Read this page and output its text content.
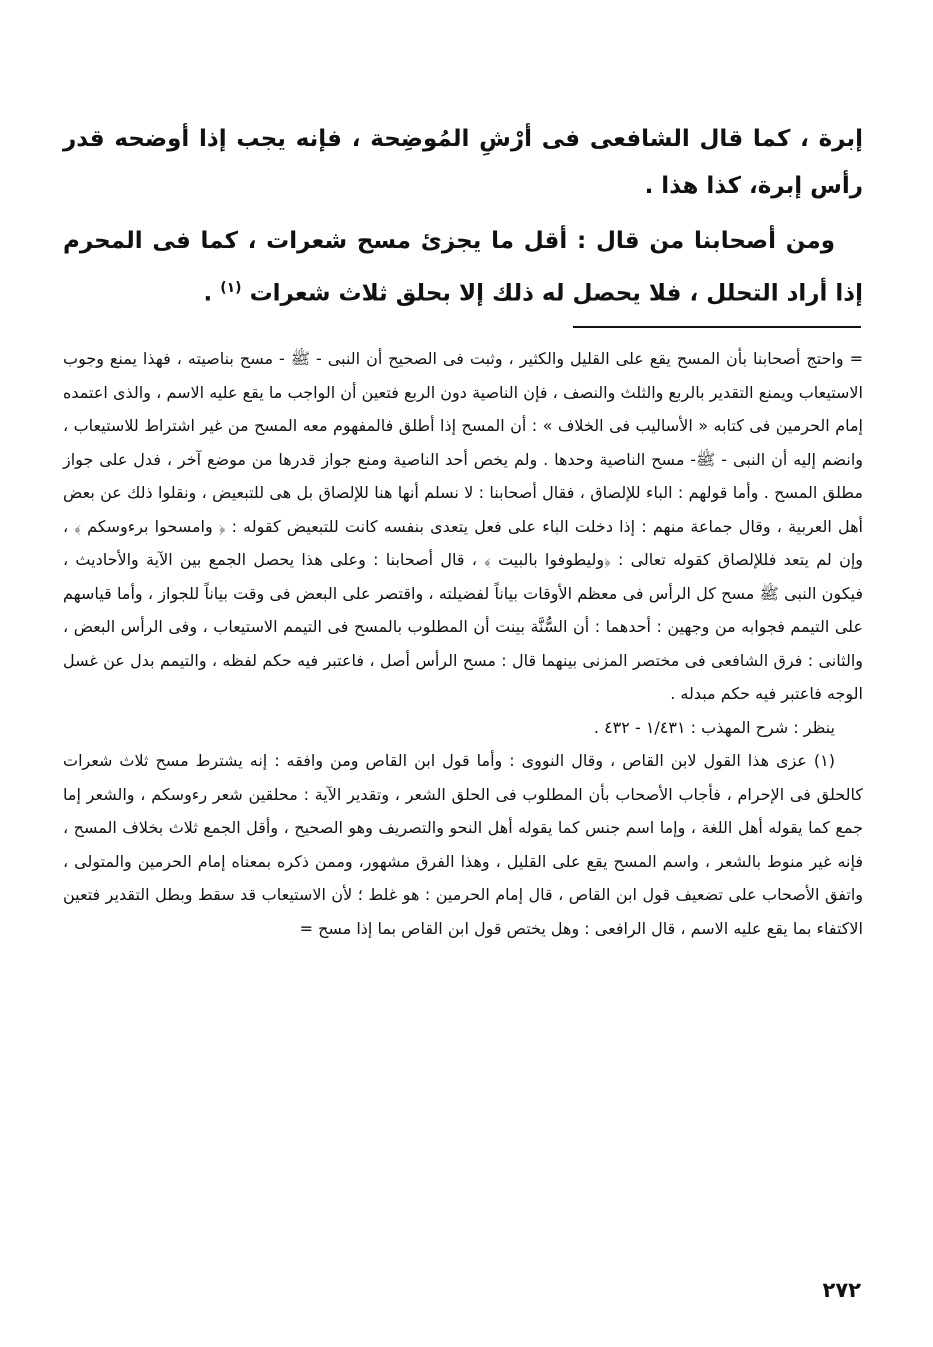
إبرة ، كما قال الشافعى فى أرْشِ المُوضِحة ، فإنه يجب إذا أوضحه قدر رأس إبرة، كذا هذا .

ومن أصحابنا من قال : أقل ما يجزئ مسح شعرات ، كما فى المحرم إذا أراد التحلل ، فلا يحصل له ذلك إلا بحلق ثلاث شعرات $^{(١)}$ .

= واحتج أصحابنا بأن المسح يقع على القليل والكثير ، وثبت فى الصحيح أن النبى - ﷺ - مسح بناصيته ، فهذا يمنع وجوب الاستيعاب ويمنع التقدير بالربع والثلث والنصف ، فإن الناصية دون الربع فتعين أن الواجب ما يقع عليه الاسم ، والذى اعتمده إمام الحرمين فى كتابه « الأساليب فى الخلاف » : أن المسح إذا أطلق فالمفهوم معه المسح من غير اشتراط للاستيعاب ، وانضم إليه أن النبى - ﷺ- مسح الناصية وحدها . ولم يخص أحد الناصية ومنع جواز قدرها من موضع آخر ، فدل على جواز مطلق المسح . وأما قولهم : الباء للإلصاق ، فقال أصحابنا : لا نسلم أنها هنا للإلصاق بل هى للتبعيض ، ونقلوا ذلك عن بعض أهل العربية ، وقال جماعة منهم : إذا دخلت الباء على فعل يتعدى بنفسه كانت للتبعيض كقوله : ﴿ وامسحوا برءوسكم ﴾ ، وإن لم يتعد فللإلصاق كقوله تعالى : ﴿وليطوفوا بالبيت ﴾ ، قال أصحابنا : وعلى هذا يحصل الجمع بين الآية والأحاديث ، فيكون النبى ﷺ مسح كل الرأس فى معظم الأوقات بياناً لفضيلته ، واقتصر على البعض فى وقت بياناً للجواز ، وأما قياسهم على التيمم فجوابه من وجهين : أحدهما : أن السُّنَّة بينت أن المطلوب بالمسح فى التيمم الاستيعاب ، وفى الرأس البعض ، والثانى : فرق الشافعى فى مختصر المزنى بينهما قال : مسح الرأس أصل ، فاعتبر فيه حكم لفظه ، والتيمم بدل عن غسل الوجه فاعتبر فيه حكم مبدله .

ينظر : شرح المهذب : ١/٤٣١ - ٤٣٢ .

(١) عزى هذا القول لابن القاص ، وقال النووى : وأما قول ابن القاص ومن وافقه : إنه يشترط مسح ثلاث شعرات كالحلق فى الإحرام ، فأجاب الأصحاب بأن المطلوب فى الحلق الشعر ، وتقدير الآية : محلقين شعر رءوسكم ، والشعر إما جمع كما يقوله أهل اللغة ، وإما اسم جنس كما يقوله أهل النحو والتصريف وهو الصحيح ، وأقل الجمع ثلاث بخلاف المسح ، فإنه غير منوط بالشعر ، واسم المسح يقع على القليل ، وهذا الفرق مشهور، وممن ذكره بمعناه إمام الحرمين والمتولى ، واتفق الأصحاب على تضعيف قول ابن القاص ، قال إمام الحرمين : هو غلط ؛ لأن الاستيعاب قد سقط وبطل التقدير فتعين الاكتفاء بما يقع عليه الاسم ، قال الرافعى : وهل يختص قول ابن القاص بما إذا مسح =

٢٧٢
